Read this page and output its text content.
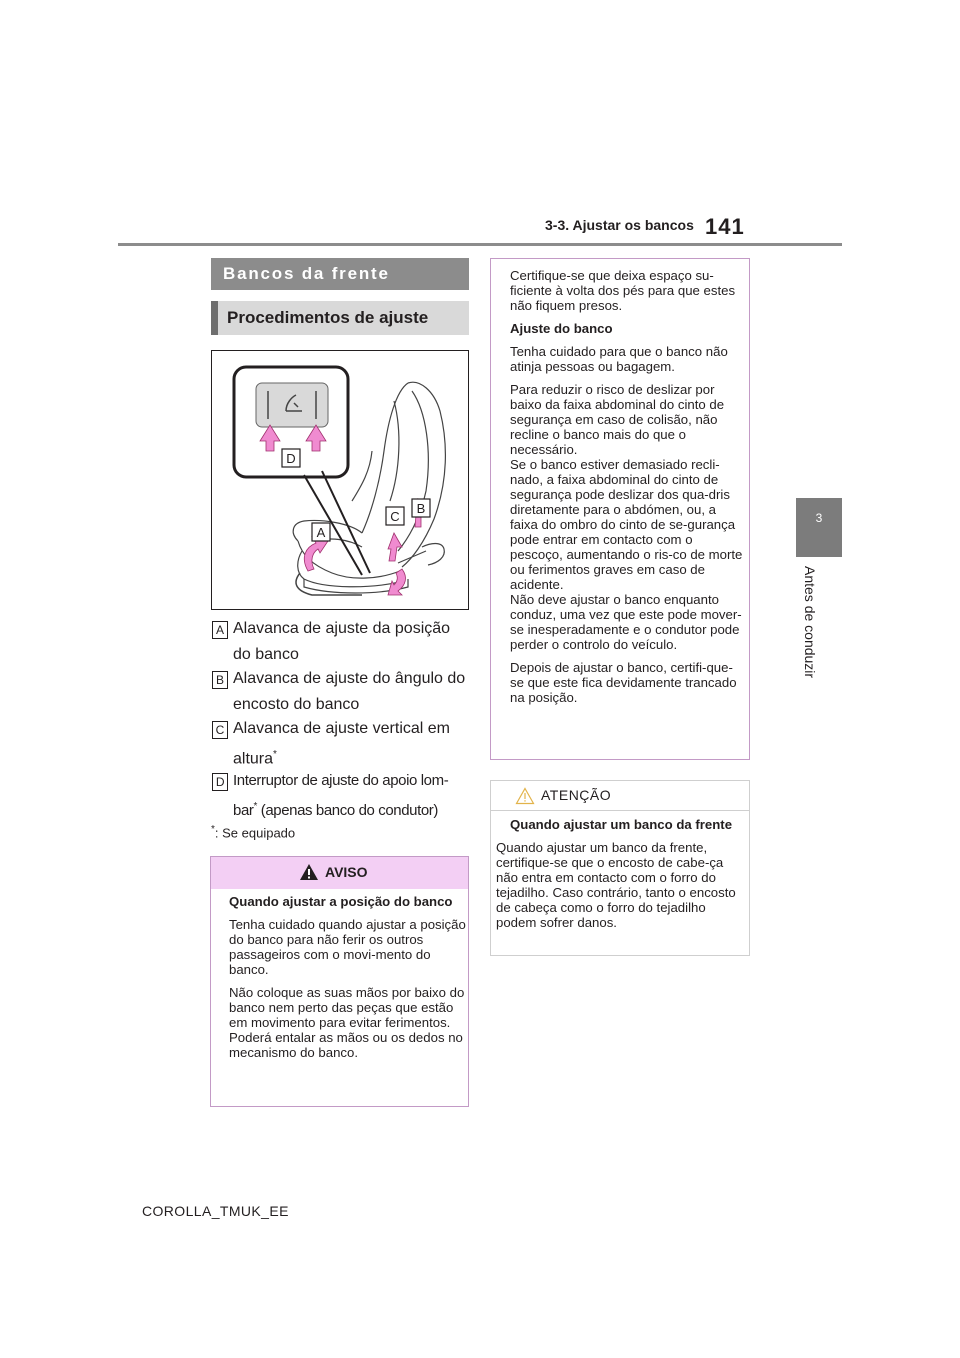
3-3. Ajustar os bancos 141
3
Antes de conduzir
Bancos da frente
Procedimentos de ajuste
D
A
C
B
A Alavanca de ajuste da posição do banco
B Alavanca de ajuste do ângulo do encosto do banco
C Alavanca de ajuste vertical em altura*
D Interruptor de ajuste do apoio lom-bar* (apenas banco do condutor)
*: Se equipado
AVISO

Quando ajustar a posição do banco

Tenha cuidado quando ajustar a posição do banco para não ferir os outros passageiros com o movi-mento do banco.

Não coloque as suas mãos por baixo do banco nem perto das peças que estão em movimento para evitar ferimentos.
Poderá entalar as mãos ou os dedos no mecanismo do banco.

Certifique-se que deixa espaço su-ficiente à volta dos pés para que estes não fiquem presos.

Ajuste do banco

Tenha cuidado para que o banco não atinja pessoas ou bagagem.

Para reduzir o risco de deslizar por baixo da faixa abdominal do cinto de segurança em caso de colisão, não recline o banco mais do que o necessário.
Se o banco estiver demasiado recli-nado, a faixa abdominal do cinto de segurança pode deslizar dos qua-dris diretamente para o abdómen, ou, a faixa do ombro do cinto de se-gurança pode entrar em contacto com o pescoço, aumentando o ris-co de morte ou ferimentos graves em caso de acidente.
Não deve ajustar o banco enquanto conduz, uma vez que este pode mover-se inesperadamente e o condutor pode perder o controlo do veículo.

Depois de ajustar o banco, certifi-que-se que este fica devidamente trancado na posição.

ATENÇÃO

Quando ajustar um banco da frente

Quando ajustar um banco da frente, certifique-se que o encosto de cabe-ça não entra em contacto com o forro do tejadilho. Caso contrário, tanto o encosto de cabeça como o forro do tejadilho podem sofrer danos.

COROLLA_TMUK_EE
